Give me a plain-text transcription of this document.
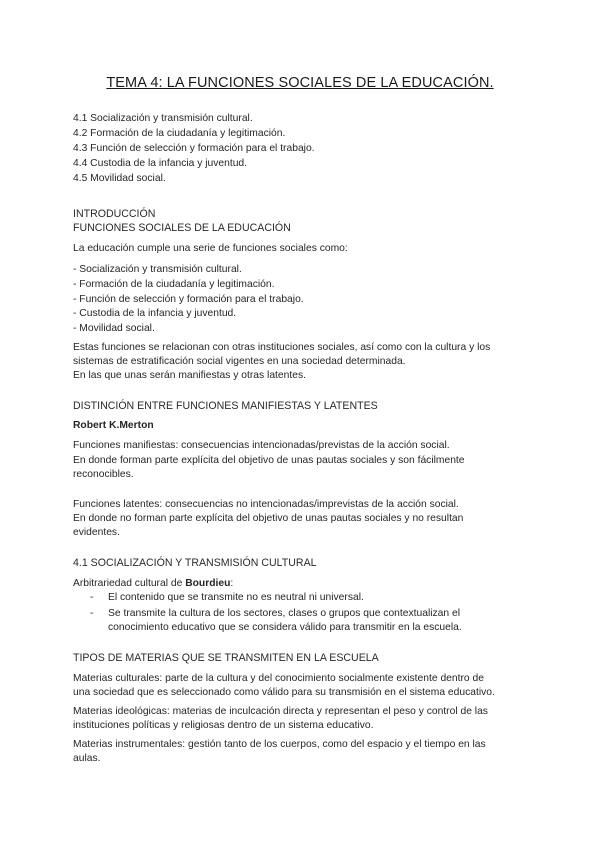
TEMA 4: LA FUNCIONES SOCIALES DE LA EDUCACIÓN.
4.1 Socialización y transmisión cultural.
4.2 Formación de la ciudadanía y legitimación.
4.3 Función de selección y formación para el trabajo.
4.4 Custodia de la infancia y juventud.
4.5 Movilidad social.
INTRODUCCIÓN
FUNCIONES SOCIALES DE LA EDUCACIÓN
La educación cumple una serie de funciones sociales como:
- Socialización y transmisión cultural.
- Formación de la ciudadanía y legitimación.
- Función de selección y formación para el trabajo.
- Custodia de la infancia y juventud.
- Movilidad social.
Estas funciones se relacionan con otras instituciones sociales, así como con la cultura y los
sistemas de estratificación social vigentes en una sociedad determinada.
En las que unas serán manifiestas y otras latentes.
DISTINCIÓN ENTRE FUNCIONES MANIFIESTAS Y LATENTES
Robert K.Merton
Funciones manifiestas: consecuencias intencionadas/previstas de la acción social.
En donde forman parte explícita del objetivo de unas pautas sociales y son fácilmente
reconocibles.
Funciones latentes: consecuencias no intencionadas/imprevistas de la acción social.
En donde no forman parte explícita del objetivo de unas pautas sociales y no resultan
evidentes.
4.1 SOCIALIZACIÓN Y TRANSMISIÓN CULTURAL
Arbitrariedad cultural de Bourdieu:
- El contenido que se transmite no es neutral ni universal.
- Se transmite la cultura de los sectores, clases o grupos que contextualizan el
conocimiento educativo que se considera válido para transmitir en la escuela.
TIPOS DE MATERIAS QUE SE TRANSMITEN EN LA ESCUELA
Materias culturales: parte de la cultura y del conocimiento socialmente existente dentro de
una sociedad que es seleccionado como válido para su transmisión en el sistema educativo.
Materias ideológicas: materias de inculcación directa y representan el peso y control de las
instituciones políticas y religiosas dentro de un sistema educativo.
Materias instrumentales: gestión tanto de los cuerpos, como del espacio y el tiempo en las
aulas.
